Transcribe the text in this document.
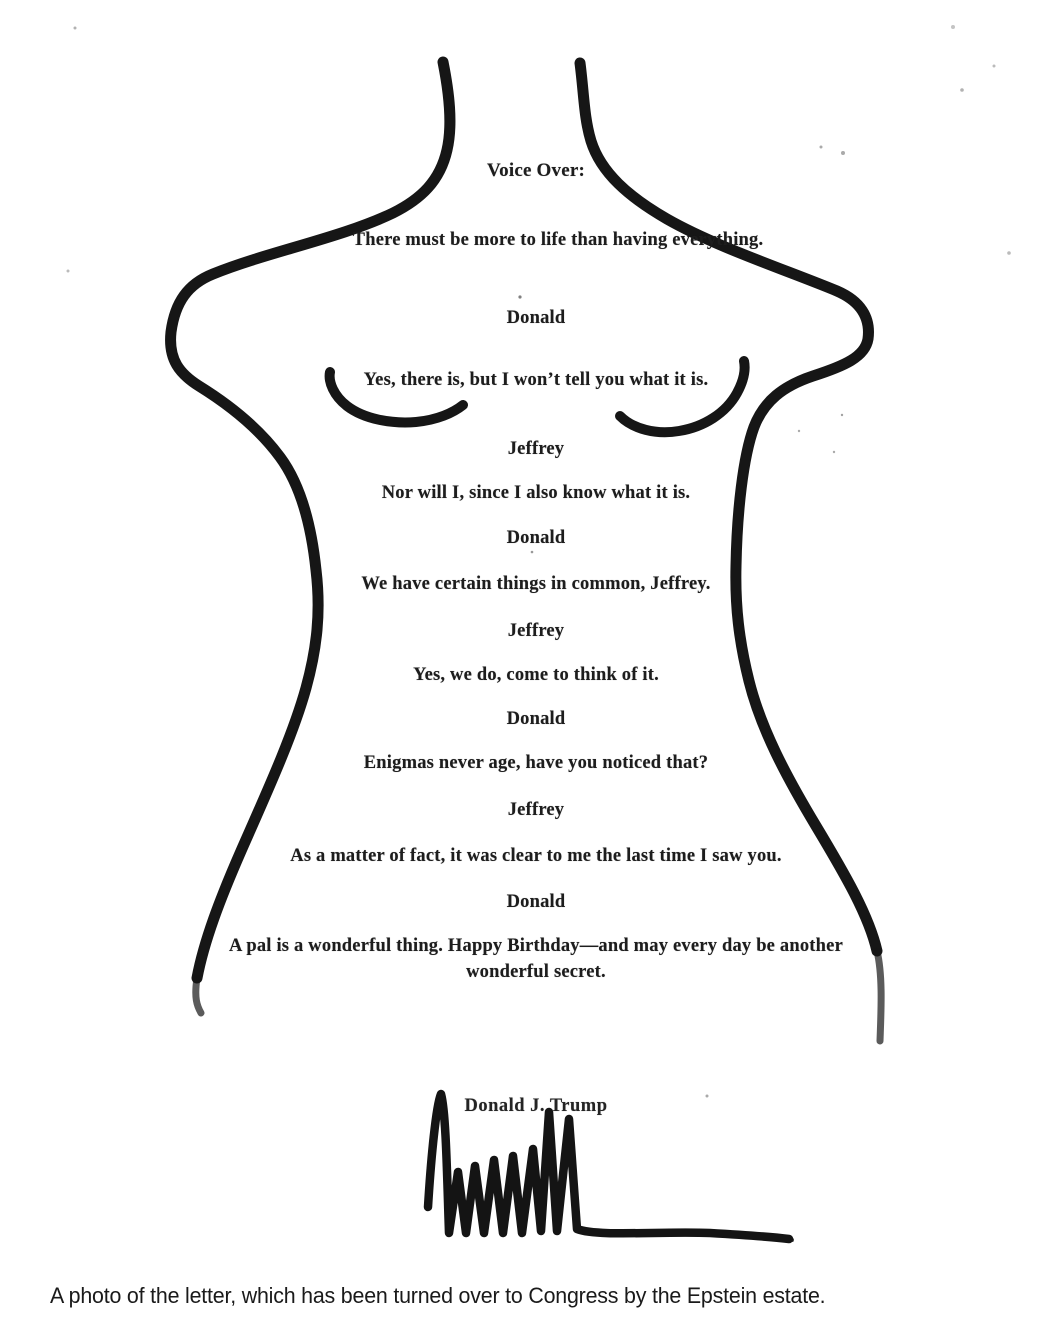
Voice Over:
There must be more to life than having everything.
Donald
Yes, there is, but I won’t tell you what it is.
Jeffrey
Nor will I, since I also know what it is.
Donald
We have certain things in common, Jeffrey.
Jeffrey
Yes, we do, come to think of it.
Donald
Enigmas never age, have you noticed that?
Jeffrey
As a matter of fact, it was clear to me the last time I saw you.
Donald
A pal is a wonderful thing. Happy Birthday—and may every day be another wonderful secret.
Donald J. Trump
A photo of the letter, which has been turned over to Congress by the Epstein estate.
